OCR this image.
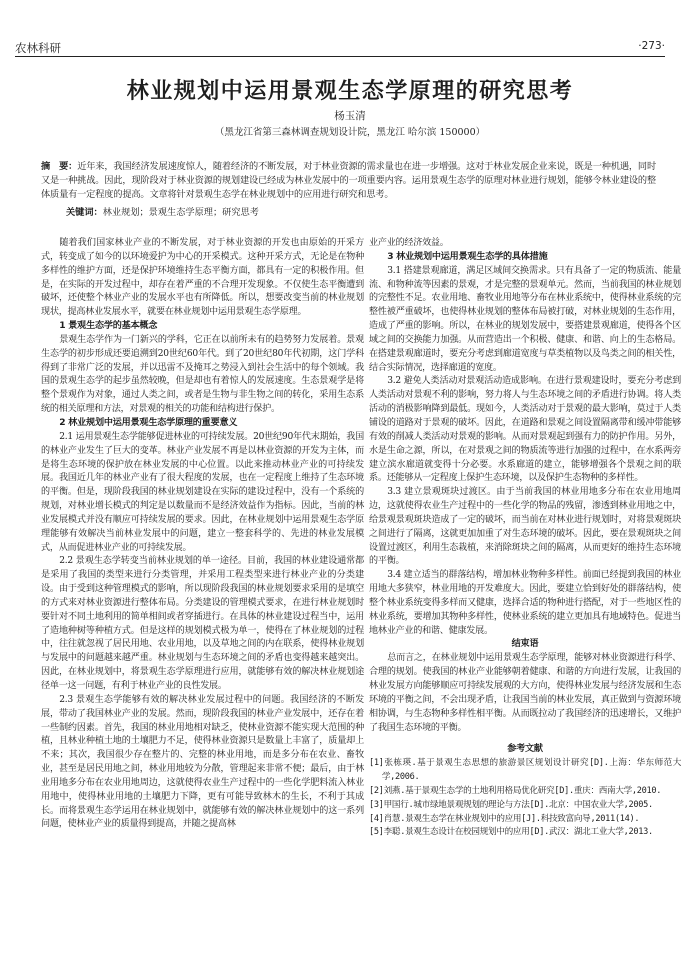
农林科研	·273·
林业规划中运用景观生态学原理的研究思考
杨玉清
（黑龙江省第三森林调查规划设计院，黑龙江 哈尔滨 150000）
摘　要：近年来，我国经济发展速度惊人，随着经济的不断发展，对于林业资源的需求量也在进一步增强。这对于林业发展企业来说，既是一种机遇，同时又是一种挑战。因此，现阶段对于林业资源的规划建设已经成为林业发展中的一项重要内容。运用景观生态学的原理对林业进行规划，能够令林业建设的整体质量有一定程度的提高。文章将针对景观生态学在林业规划中的应用进行研究和思考。
关键词：林业规划；景观生态学原理；研究思考

随着我们国家林业产业的不断发展，对于林业资源的开发也由原始的开采方式，转变成了如今的以环境爱护为中心的开采模式。这种开采方式，无论是在物种多样性的维护方面，还是保护环境维持生态平衡方面，都具有一定的积极作用。但是，在实际的开发过程中，却存在着严重的不合理开发现象。不仅使生态平衡遭到破坏，还使整个林业产业的发展水平也有所降低。所以，想要改变当前的林业规划现状，提高林业发展水平，就要在林业规划中运用景观生态学原理。

1 景观生态学的基本概念

景观生态学作为一门新兴的学科，它正在以前所未有的趋势努力发展着。景观生态学的初步形成还要追溯到20世纪60年代。到了20世纪80年代初期，这门学科得到了非常广泛的发展，并以迅雷不及掩耳之势浸入到社会生活中的每个领域。我国的景观生态学的起步虽然较晚，但是却也有着惊人的发展速度。生态景观学是将整个景观作为对象，通过人类之间，或者是生物与非生物之间的转化，采用生态系统的相关原理和方法，对景观的相关的功能和结构进行保护。

2 林业规划中运用景观生态学原理的重要意义

2.1 运用景观生态学能够促进林业的可持续发展。20世纪90年代末期始，我国的林业产业发生了巨大的变革。林业产业发展不再是以林业资源的开发为主体，而是将生态环境的保护放在林业发展的中心位置。以此来推动林业产业的可持续发展。我国近几年的林业产业有了很大程度的发展，也在一定程度上维持了生态环境的平衡。但是，现阶段我国的林业规划建设在实际的建设过程中，没有一个系统的规划，对林业增长模式的判定是以数量而不是经济效益作为指标。因此，当前的林业发展模式并没有顺应可持续发展的要求。因此，在林业规划中运用景观生态学原理能够有效解决当前林业发展中的问题，建立一整套科学的、先进的林业发展模式，从而促进林业产业的可持续发展。

2.2 景观生态学转变当前林业规划的单一途径。目前，我国的林业建设通常都是采用了我国的类型来进行分类管理，并采用工程类型来进行林业产业的分类建设。由于受到这种管理模式的影响，所以现阶段我国的林业规划要求采用的是填空的方式来对林业资源进行整体布局。分类建设的管理模式要求，在进行林业规划时要针对不同土地利用的简单相间或者穿插进行。在具体的林业建设过程当中，运用了造地种树等种植方式。但是这样的规划模式极为单一，使得在了林业规划的过程中，往往就忽视了居民用地、农业用地，以及草地之间的内在联系，使得林业规划与发展中的问题越来越严重。林业规划与生态环境之间的矛盾也变得越来越突出。因此，在林业规划中，将景观生态学原理进行应用，就能够有效的解决林业规划途径单一这一问题，有利于林业产业的良性发展。

2.3 景观生态学能够有效的解决林业发展过程中的问题。我国经济的不断发展，带动了我国林业产业的发展。然而，现阶段我国的林业产业发展中，还存在着一些制约因素。首先，我国的林业用地相对缺乏，使林业资源不能实现大范围的种植，且林业种植土地的土壤肥力不足，使得林业资源只是数量上丰富了，质量却上不来；其次，我国很少存在整片的、完整的林业用地，而是多分布在农业、畜牧业，甚至是居民用地之间，林业用地较为分散，管理起来非常不便；最后，由于林业用地多分布在农业用地周边，这就使得农业生产过程中的一些化学肥料流入林业用地中，使得林业用地的土壤肥力下降，更有可能导致林木的生长，不利于其成长。而将景观生态学运用在林业规划中，就能够有效的解决林业规划中的这一系列问题，使林业产业的质量得到提高，并随之提高林

业产业的经济效益。

3 林业规划中运用景观生态学的具体措施

3.1 搭建景观廊道，满足区域间交换需求。只有具备了一定的物质流、能量流、和物种流等因素的景观，才是完整的景观单元。然而，当前我国的林业规划的完整性不足。农业用地、畜牧业用地等分布在林业系统中，使得林业系统的完整性被严重破坏，也使得林业规划的整体布局被打破，对林业规划的生态作用，造成了严重的影响。所以，在林业的规划发展中，要搭建景观廊道，使得各个区域之间的交换能力加强。从而营造出一个积极、健康、和谐、向上的生态格局。在搭建景观廊道时，要充分考虑到廊道宽度与草类植物以及鸟类之间的相关性，结合实际情况，选择廊道的宽度。

3.2 避免人类活动对景观活动造成影响。在进行景观建设时，要充分考虑到人类活动对景观不利的影响，努力将人与生态环境之间的矛盾进行协调。将人类活动的消极影响降到最低。现如今，人类活动对于景观的最大影响，莫过于人类铺设的道路对于景观的破坏。因此，在道路和景观之间设置隔离带和缓冲带能够有效的削减人类活动对景观的影响。从而对景观起到强有力的防护作用。另外，水是生命之源，所以，在对景观之间的物质流等进行加强的过程中，在水系两旁建立滨水廊道就变得十分必要。水系廊道的建立，能够增强各个景观之间的联系。还能够从一定程度上保护生态环境，以及保护生态物种的多样性。

3.3 建立景观斑块过渡区。由于当前我国的林业用地多分布在农业用地周边，这就使得农业生产过程中的一些化学的物品的残留，渗透到林业用地之中，给景观景观斑块造成了一定的破坏，而当前在对林业进行规划时，对将景观斑块之间进行了隔离，这就更加加重了对生态环境的破坏。因此，要在景观斑块之间设置过渡区，利用生态栽植，来消除斑块之间的隔离，从而更好的维持生态环境的平衡。

3.4 建立适当的群落结构，增加林业物种多样性。前面已经提到我国的林业用地大多狭窄，林业用地的开发难度大。因此，要建立恰到好处的群落结构，使整个林业系统变得多样而又健康，选择合适的物种进行搭配，对于一些地区性的林业系统，要增加其物种多样性，使林业系统的建立更加具有地域特色。促进当地林业产业的和谐、健康发展。

结束语

总而言之，在林业规划中运用景观生态学原理，能够对林业资源进行科学、合理的规划。使我国的林业产业能够朝着健康、和谐的方向进行发展，让我国的林业发展方向能够顺应可持续发展观的大方向，使得林业发展与经济发展和生态环境的平衡之间，不会出现矛盾，让我国当前的林业发展，真正做到与资源环境相协调，与生态物种多样性相平衡。从而既拉动了我国经济的迅速增长，又维护了我国生态环境的平衡。

参考文献
[1]张栋瑛.基于景观生态思想的旅游景区规划设计研究[D].上海：华东师范大学,2006.
[2]刘燕.基于景观生态学的土地利用格局优化研究[D].重庆：西南大学,2010.
[3]甲国行.城市绿地景观规划的理论与方法[D].北京：中国农业大学,2005.
[4]肖慧.景观生态学在林业规划中的应用[J].科技致富向导,2011(14).
[5]李聪.景观生态设计在校园规划中的应用[D].武汉：湖北工业大学,2013.
